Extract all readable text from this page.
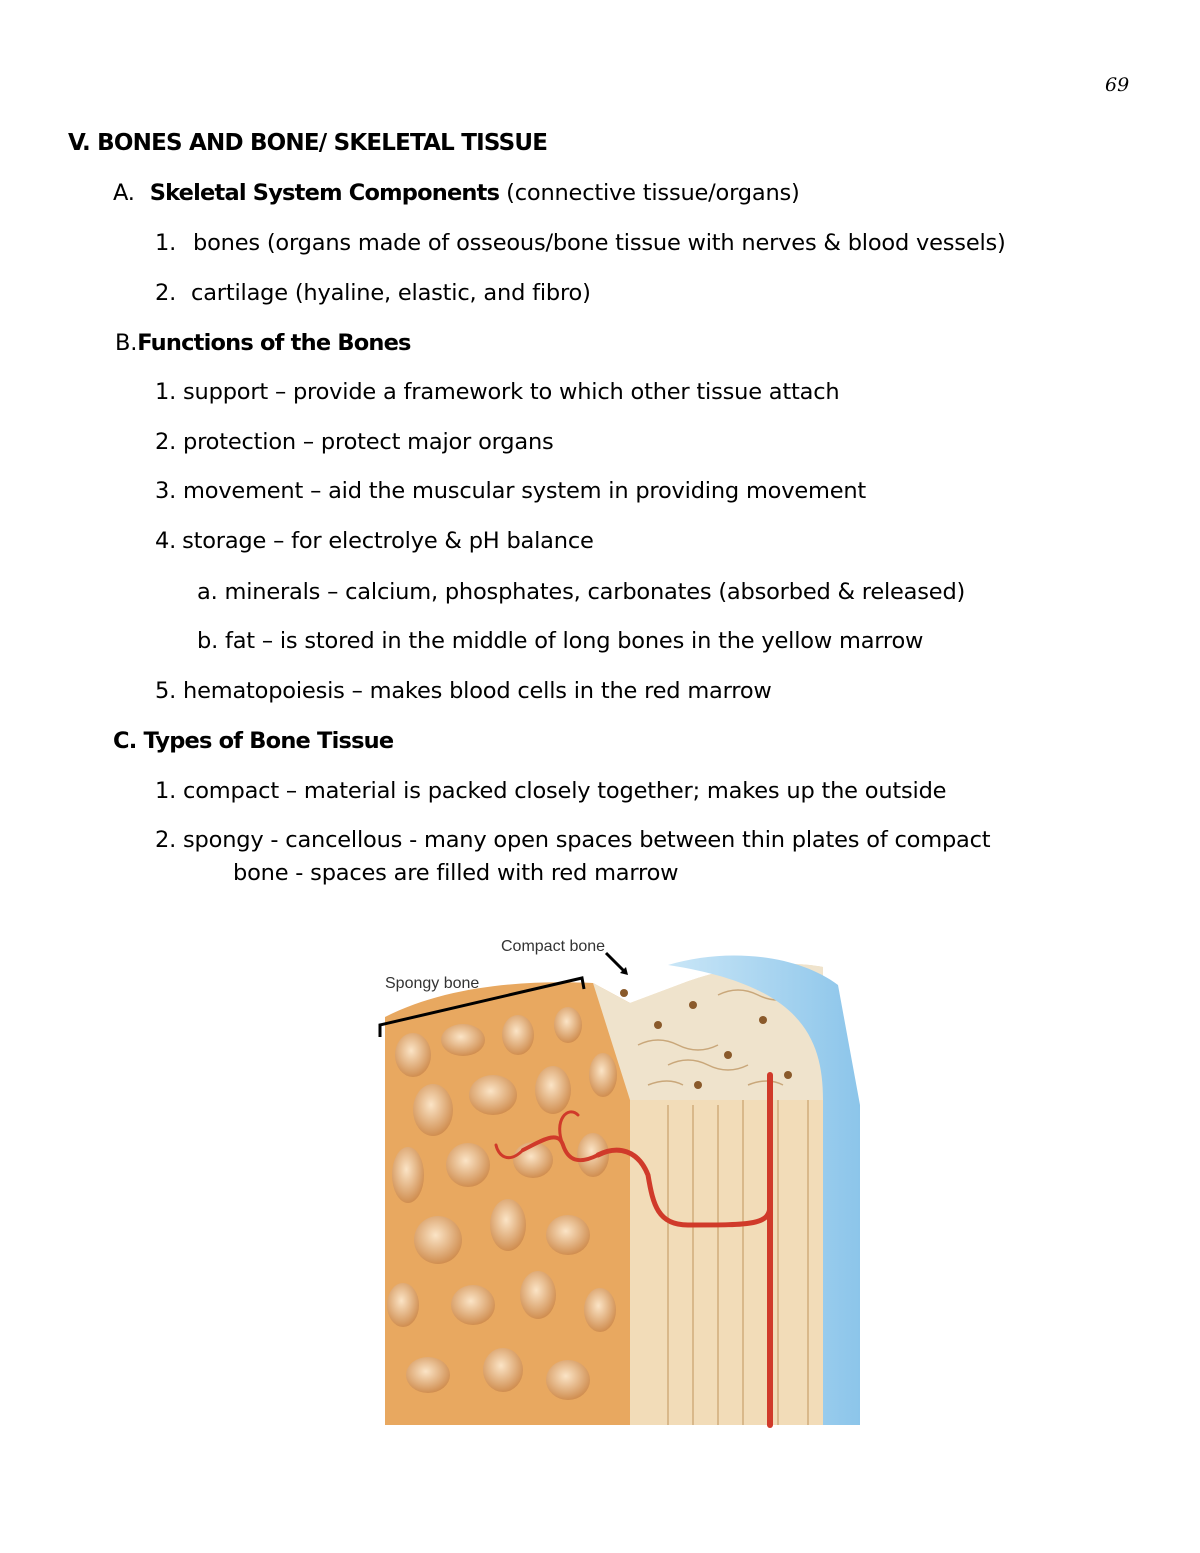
69
V. BONES AND BONE/ SKELETAL TISSUE
A. Skeletal System Components (connective tissue/organs)
1. bones (organs made of osseous/bone tissue with nerves & blood vessels)
2. cartilage (hyaline, elastic, and fibro)
B.Functions of the Bones
1. support – provide a framework to which other tissue attach
2. protection – protect major organs
3. movement – aid the muscular system in providing movement
4. storage – for electrolye & pH balance
a. minerals – calcium, phosphates, carbonates (absorbed & released)
b. fat – is stored in the middle of long bones in the yellow marrow
5. hematopoiesis – makes blood cells in the red marrow
C. Types of Bone Tissue
1. compact – material is packed closely together; makes up the outside
2. spongy - cancellous - many open spaces between thin plates of compact
bone - spaces are filled with red marrow
Compact bone
Spongy bone
